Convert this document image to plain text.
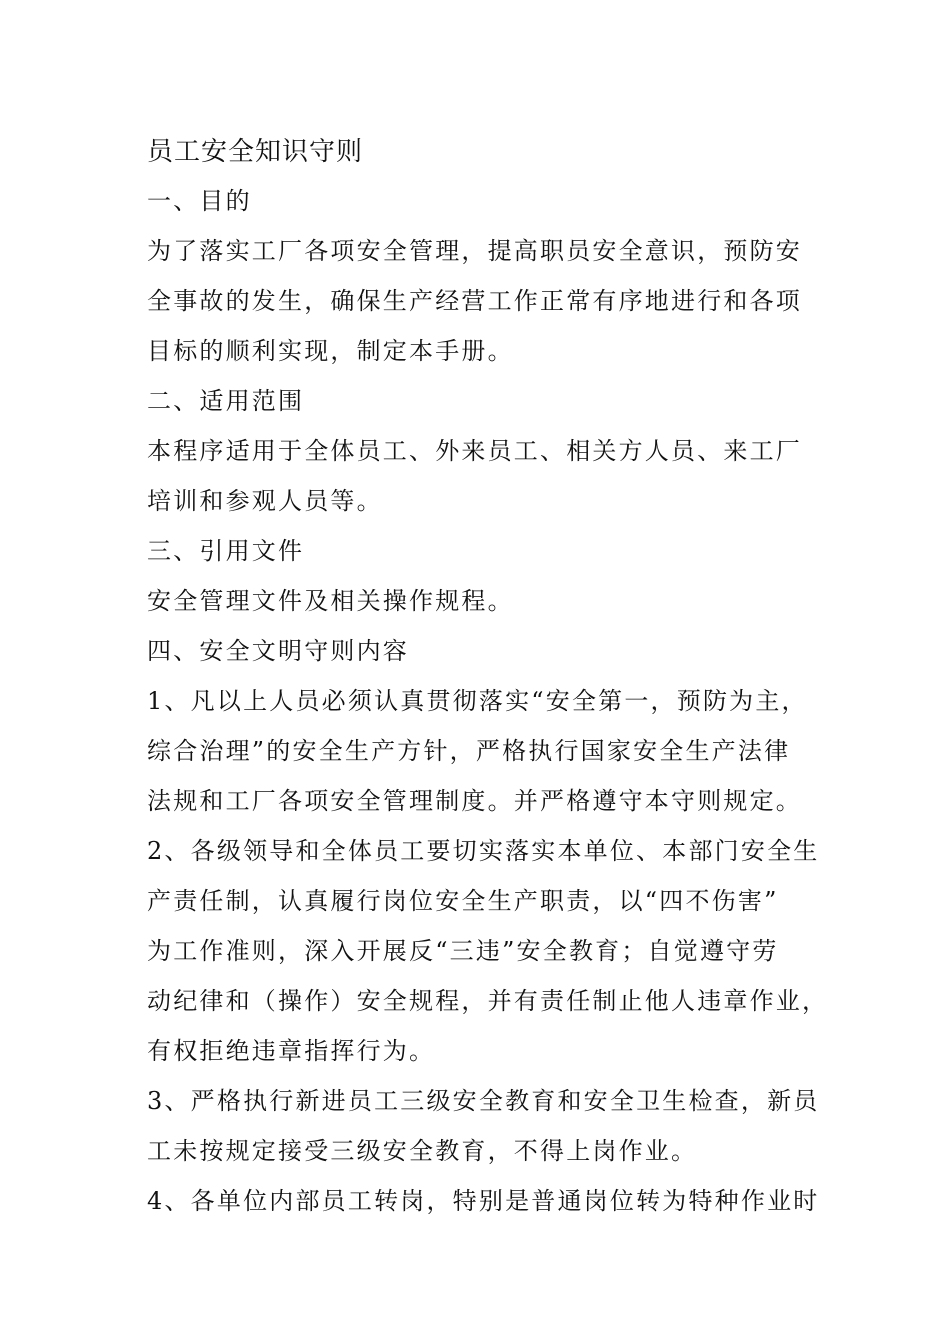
员工安全知识守则

一、目的

为了落实工厂各项安全管理，提高职员安全意识，预防安
全事故的发生，确保生产经营工作正常有序地进行和各项
目标的顺利实现，制定本手册。

二、适用范围

本程序适用于全体员工、外来员工、相关方人员、来工厂
培训和参观人员等。

三、引用文件

安全管理文件及相关操作规程。

四、安全文明守则内容

1、凡以上人员必须认真贯彻落实“安全第一，预防为主，
综合治理”的安全生产方针，严格执行国家安全生产法律
法规和工厂各项安全管理制度。并严格遵守本守则规定。

2、各级领导和全体员工要切实落实本单位、本部门安全生
产责任制，认真履行岗位安全生产职责，以“四不伤害”
为工作准则，深入开展反“三违”安全教育；自觉遵守劳
动纪律和（操作）安全规程，并有责任制止他人违章作业，
有权拒绝违章指挥行为。

3、严格执行新进员工三级安全教育和安全卫生检查，新员
工未按规定接受三级安全教育，不得上岗作业。

4、各单位内部员工转岗，特别是普通岗位转为特种作业时
